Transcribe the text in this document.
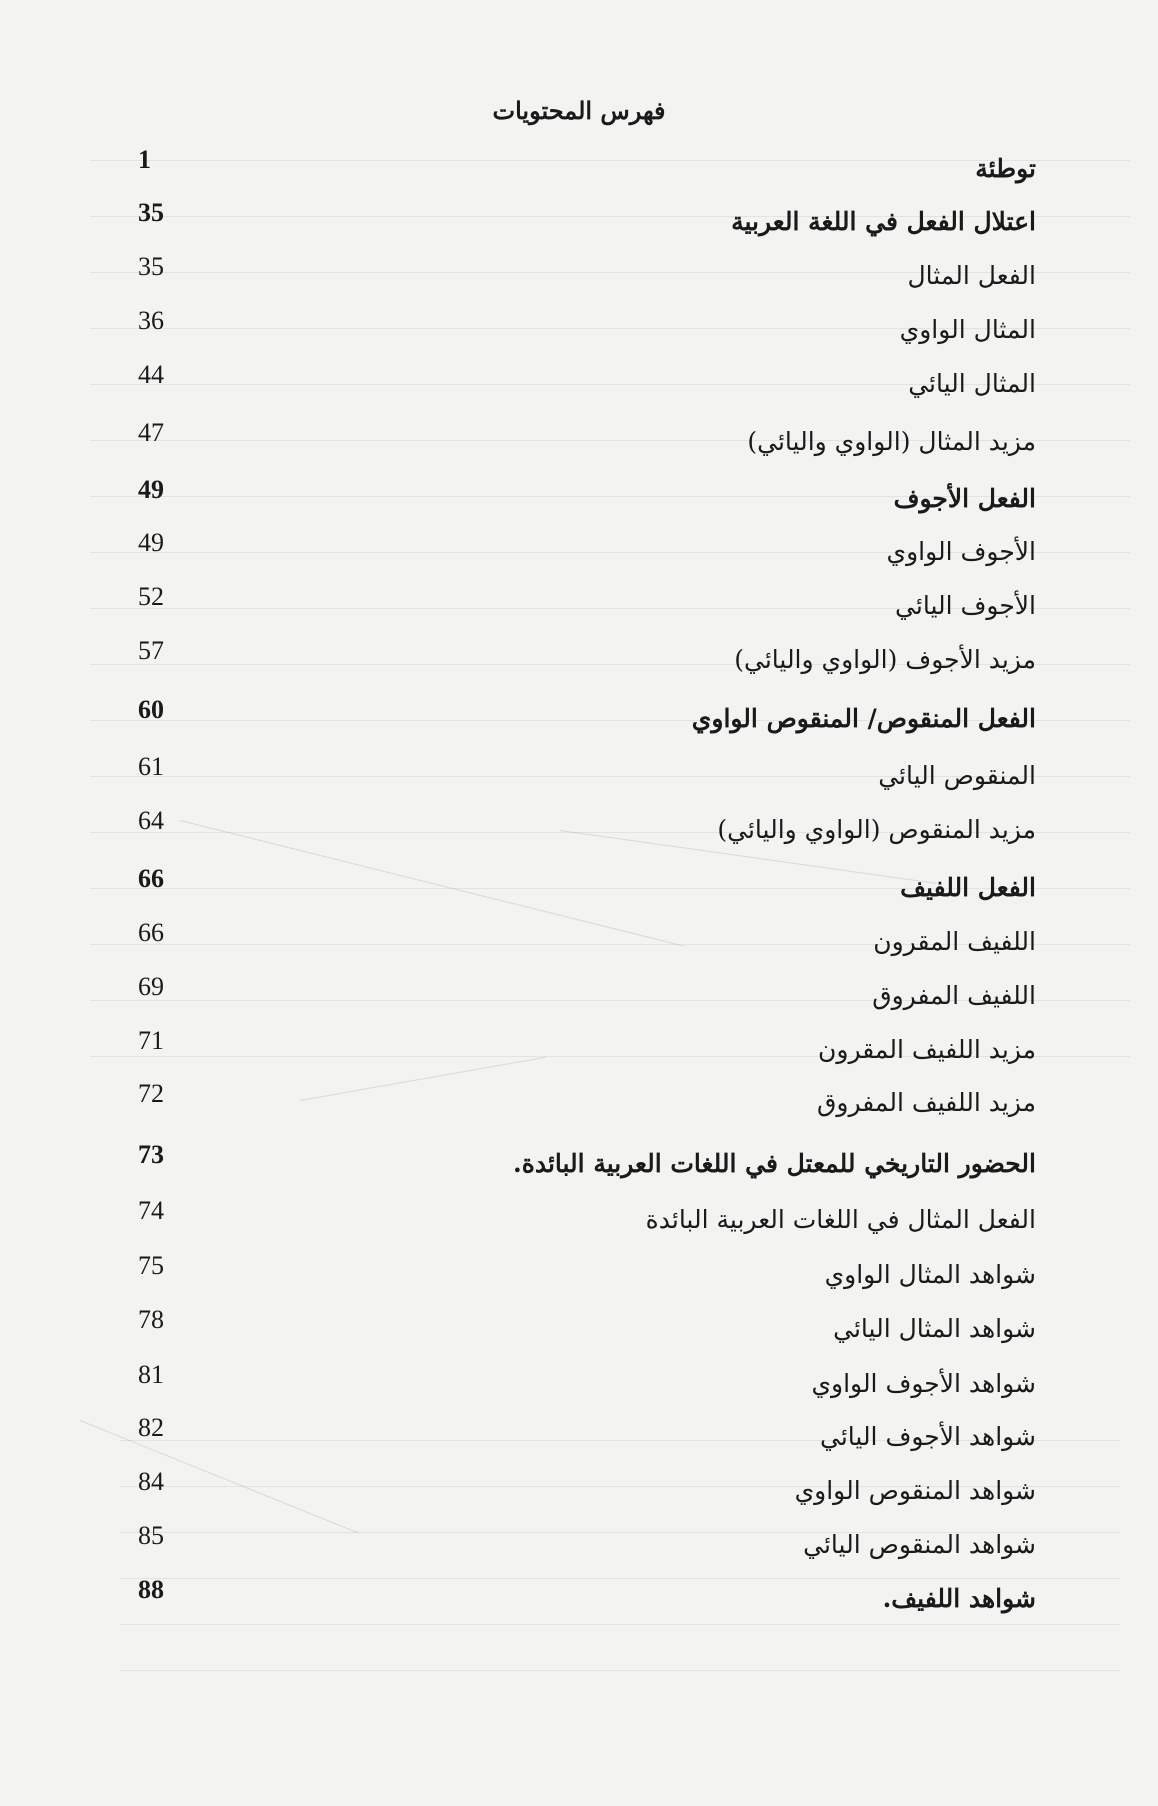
فهرس المحتويات
1	توطئة
35	اعتلال الفعل في اللغة العربية
35	الفعل المثال
36	المثال الواوي
44	المثال اليائي
47	مزيد المثال (الواوي واليائي)
49	الفعل الأجوف
49	الأجوف الواوي
52	الأجوف اليائي
57	مزيد الأجوف (الواوي واليائي)
60	الفعل المنقوص/ المنقوص الواوي
61	المنقوص اليائي
64	مزيد المنقوص (الواوي واليائي)
66	الفعل اللفيف
66	اللفيف المقرون
69	اللفيف المفروق
71	مزيد اللفيف المقرون
72	مزيد اللفيف المفروق
73	الحضور التاريخي للمعتل في اللغات العربية البائدة.
74	الفعل المثال في اللغات العربية البائدة
75	شواهد المثال الواوي
78	شواهد المثال اليائي
81	شواهد الأجوف الواوي
82	شواهد الأجوف اليائي
84	شواهد المنقوص الواوي
85	شواهد المنقوص اليائي
88	شواهد اللفيف.
